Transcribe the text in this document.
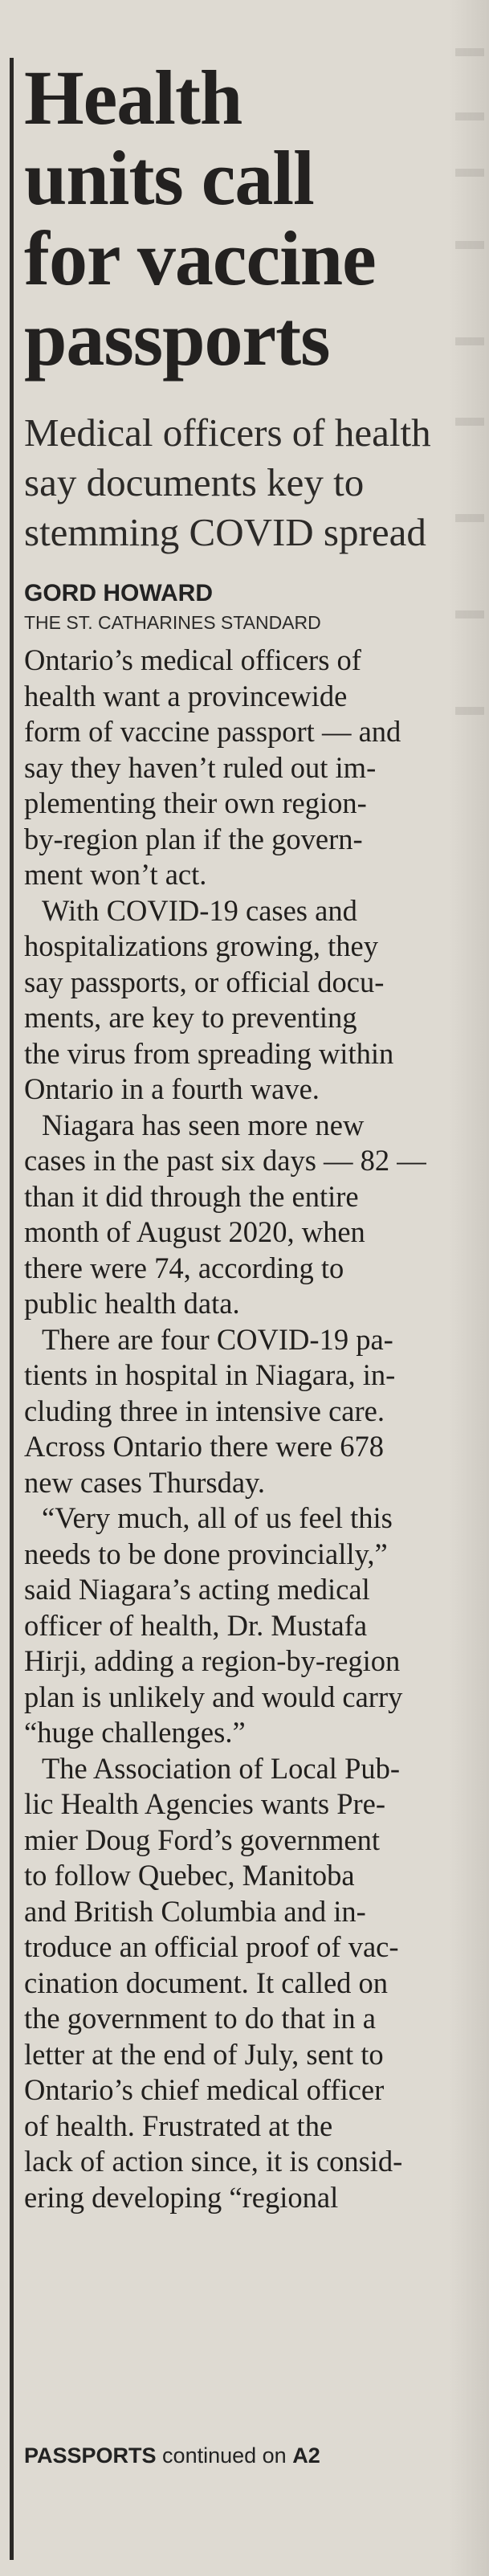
Health
units call
for vaccine
passports
Medical officers of health
say documents key to
stemming COVID spread
GORD HOWARD
THE ST. CATHARINES STANDARD

Ontario’s medical officers of
health want a provincewide
form of vaccine passport — and
say they haven’t ruled out im-
plementing their own region-
by-region plan if the govern-
ment won’t act.

With COVID-19 cases and
hospitalizations growing, they
say passports, or official docu-
ments, are key to preventing
the virus from spreading within
Ontario in a fourth wave.

Niagara has seen more new
cases in the past six days — 82 —
than it did through the entire
month of August 2020, when
there were 74, according to
public health data.

There are four COVID-19 pa-
tients in hospital in Niagara, in-
cluding three in intensive care.
Across Ontario there were 678
new cases Thursday.

“Very much, all of us feel this
needs to be done provincially,”
said Niagara’s acting medical
officer of health, Dr. Mustafa
Hirji, adding a region-by-region
plan is unlikely and would carry
“huge challenges.”

The Association of Local Pub-
lic Health Agencies wants Pre-
mier Doug Ford’s government
to follow Quebec, Manitoba
and British Columbia and in-
troduce an official proof of vac-
cination document. It called on
the government to do that in a
letter at the end of July, sent to
Ontario’s chief medical officer
of health. Frustrated at the
lack of action since, it is consid-
ering developing “regional

PASSPORTS continued on A2
